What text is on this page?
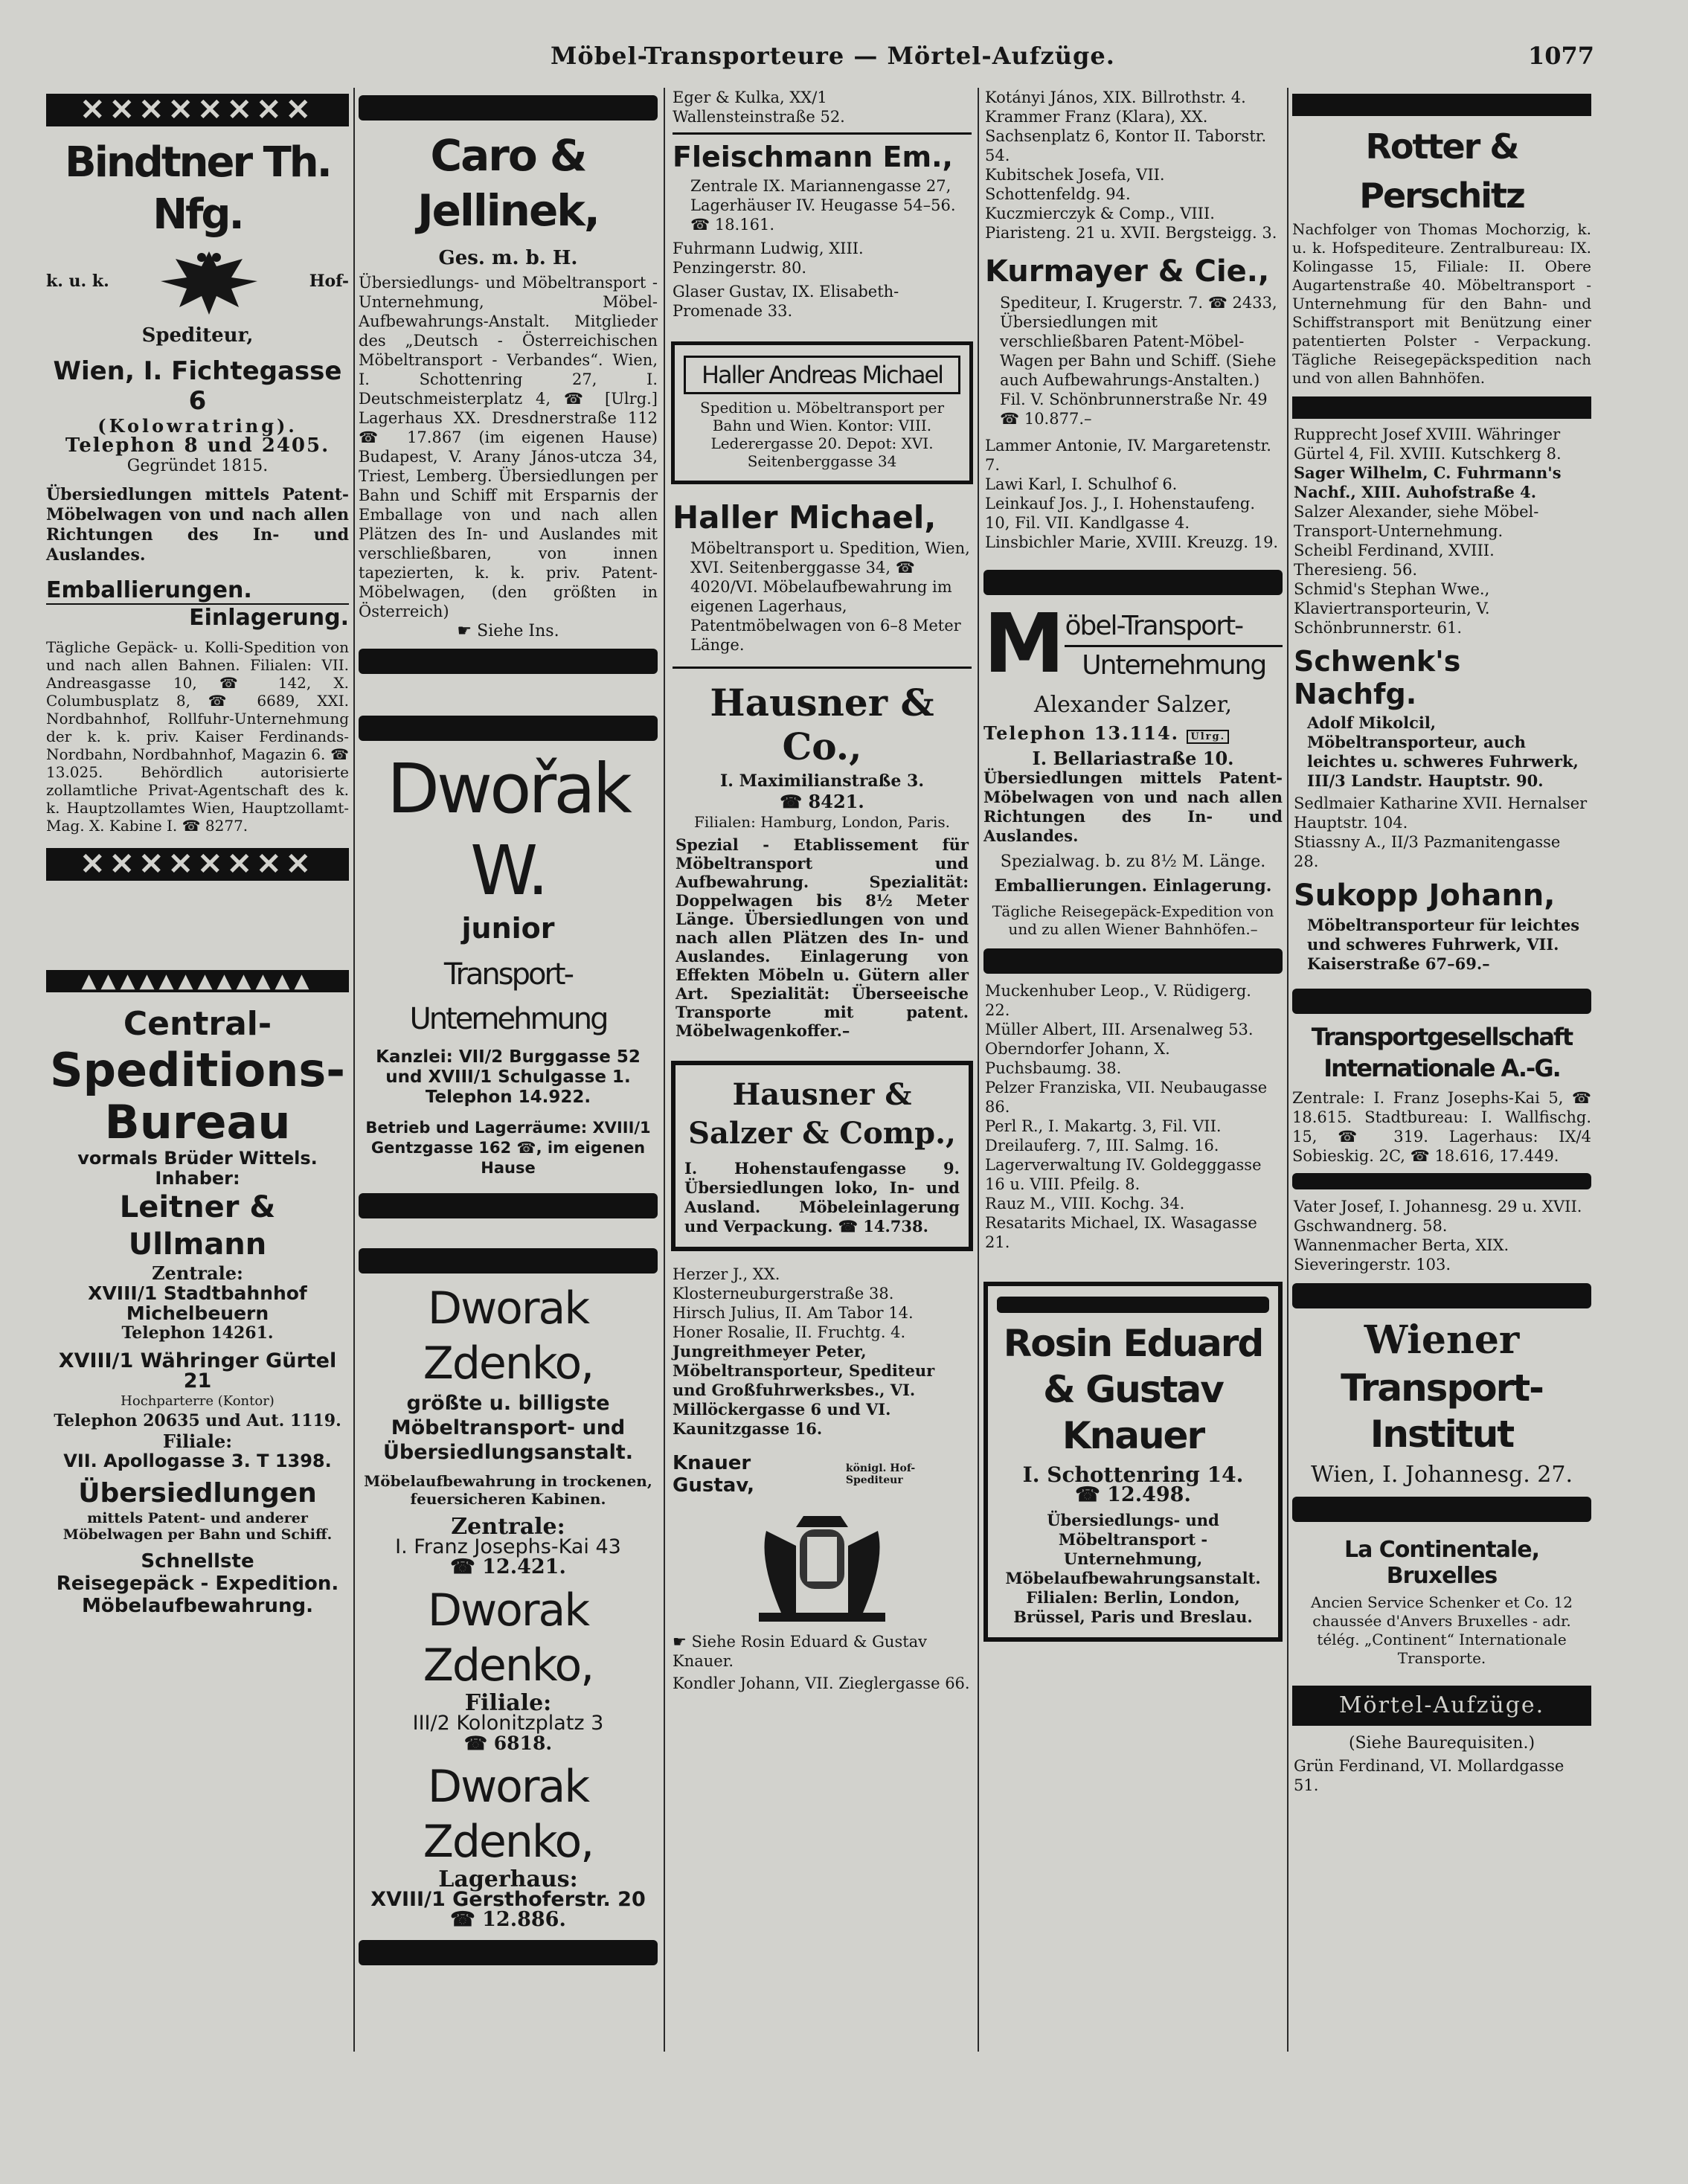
Möbel-Transporteure — Mörtel-Aufzüge.	1077
✕✕✕✕✕✕✕✕
Bindtner Th. Nfg.
k. u. k.	Hof-
Spediteur,
Wien, I. Fichtegasse 6
(Kolowratring).
Telephon 8 und 2405.
Gegründet 1815.
Übersiedlungen mittels Patent-Möbelwagen von und nach allen Richtungen des In- und Auslandes.
Emballierungen.
Einlagerung.
Tägliche Gepäck- u. Kolli-Spedition von und nach allen Bahnen. Filialen: VII. Andreasgasse 10, ☎ 142, X. Columbusplatz 8, ☎ 6689, XXI. Nordbahnhof, Rollfuhr-Unternehmung der k. k. priv. Kaiser Ferdinands-Nordbahn, Nordbahnhof, Magazin 6. ☎ 13.025. Behördlich autorisierte zollamtliche Privat-Agentschaft des k. k. Hauptzollamtes Wien, Hauptzollamt-Mag. X. Kabine I. ☎ 8277.
✕✕✕✕✕✕✕✕
▲▲▲▲▲▲▲▲▲▲▲▲
Central-
Speditions-
Bureau
vormals Brüder Wittels.
Inhaber:
Leitner & Ullmann
Zentrale:
XVIII/1 Stadtbahnhof Michelbeuern
Telephon 14261.
XVIII/1 Währinger Gürtel 21
Hochparterre (Kontor)
Telephon 20635 und Aut. 1119.
Filiale:
VII. Apollogasse 3. T 1398.
Übersiedlungen
mittels Patent- und anderer Möbelwagen per Bahn und Schiff.
Schnellste
Reisegepäck - Expedition.
Möbelaufbewahrung.
Caro & Jellinek,
Ges. m. b. H.
Übersiedlungs- und Möbeltransport - Unternehmung, Möbel-Aufbewahrungs-Anstalt. Mitglieder des „Deutsch - Österreichischen Möbeltransport - Verbandes“. Wien, I. Schottenring 27, I. Deutschmeisterplatz 4, ☎ [Ulrg.] Lagerhaus XX. Dresdnerstraße 112 ☎ 17.867 (im eigenen Hause) Budapest, V. Arany János-utcza 34, Triest, Lemberg. Übersiedlungen per Bahn und Schiff mit Ersparnis der Emballage von und nach allen Plätzen des In- und Auslandes mit verschließbaren, von innen tapezierten, k. k. priv. Patent-Möbelwagen, (den größten in Österreich)
☛ Siehe Ins.
Dwořak W.
junior
Transport-Unternehmung
Kanzlei: VII/2 Burggasse 52 und XVIII/1 Schulgasse 1. Telephon 14.922.
Betrieb und Lagerräume: XVIII/1 Gentzgasse 162 ☎, im eigenen Hause
Dworak Zdenko,
größte u. billigste Möbeltransport- und Übersiedlungsanstalt.
Möbelaufbewahrung in trockenen, feuersicheren Kabinen.
Zentrale:
I. Franz Josephs-Kai 43
☎ 12.421.
Dworak Zdenko,
Filiale:
III/2 Kolonitzplatz 3
☎ 6818.
Dworak Zdenko,
Lagerhaus:
XVIII/1 Gersthoferstr. 20
☎ 12.886.
Eger & Kulka, XX/1 Wallensteinstraße 52.
Fleischmann Em.,
Zentrale IX. Mariannengasse 27, Lagerhäuser IV. Heugasse 54–56. ☎ 18.161.
Fuhrmann Ludwig, XIII. Penzingerstr. 80.
Glaser Gustav, IX. Elisabeth-Promenade 33.
Haller Andreas Michael
Spedition u. Möbeltransport per Bahn und Wien. Kontor: VIII. Lederergasse 20. Depot: XVI. Seitenberggasse 34
Haller Michael,
Möbeltransport u. Spedition, Wien, XVI. Seitenberggasse 34, ☎ 4020/VI. Möbelaufbewahrung im eigenen Lagerhaus, Patentmöbelwagen von 6–8 Meter Länge.
Hausner & Co.,
I. Maximilianstraße 3.
☎ 8421.
Filialen: Hamburg, London, Paris.
Spezial - Etablissement für Möbeltransport und Aufbewahrung. Spezialität: Doppelwagen bis 8½ Meter Länge. Übersiedlungen von und nach allen Plätzen des In- und Auslandes. Einlagerung von Effekten Möbeln u. Gütern aller Art. Spezialität: Überseeische Transporte mit patent. Möbelwagenkoffer.–
Hausner & Salzer & Comp.,
I. Hohenstaufengasse 9. Übersiedlungen loko, In- und Ausland. Möbeleinlagerung und Verpackung. ☎ 14.738.
Herzer J., XX. Klosterneuburgerstraße 38.
Hirsch Julius, II. Am Tabor 14.
Honer Rosalie, II. Fruchtg. 4.
Jungreithmeyer Peter, Möbeltransporteur, Spediteur und Großfuhrwerksbes., VI. Millöckergasse 6 und VI. Kaunitzgasse 16.
Knauer Gustav,
königl. Hof-Spediteur
☛ Siehe Rosin Eduard & Gustav Knauer.
Kondler Johann, VII. Zieglergasse 66.
Kotányi János, XIX. Billrothstr. 4.
Krammer Franz (Klara), XX. Sachsenplatz 6, Kontor II. Taborstr. 54.
Kubitschek Josefa, VII. Schottenfeldg. 94.
Kuczmierczyk & Comp., VIII. Piaristeng. 21 u. XVII. Bergsteigg. 3.
Kurmayer & Cie.,
Spediteur, I. Krugerstr. 7. ☎ 2433, Übersiedlungen mit verschließbaren Patent-Möbel-Wagen per Bahn und Schiff. (Siehe auch Aufbewahrungs-Anstalten.) Fil. V. Schönbrunnerstraße Nr. 49 ☎ 10.877.–
Lammer Antonie, IV. Margaretenstr. 7.
Lawi Karl, I. Schulhof 6.
Leinkauf Jos. J., I. Hohenstaufeng. 10, Fil. VII. Kandlgasse 4.
Linsbichler Marie, XVIII. Kreuzg. 19.
M öbel-Transport-
Unternehmung
Alexander Salzer,
Telephon 13.114. Ulrg.
I. Bellariastraße 10.
Übersiedlungen mittels Patent-Möbelwagen von und nach allen Richtungen des In- und Auslandes.
Spezialwag. b. zu 8½ M. Länge.
Emballierungen. Einlagerung.
Tägliche Reisegepäck-Expedition von und zu allen Wiener Bahnhöfen.–
Muckenhuber Leop., V. Rüdigerg. 22.
Müller Albert, III. Arsenalweg 53.
Oberndorfer Johann, X. Puchsbaumg. 38.
Pelzer Franziska, VII. Neubaugasse 86.
Perl R., I. Makartg. 3, Fil. VII. Dreilauferg. 7, III. Salmg. 16. Lagerverwaltung IV. Goldegggasse 16 u. VIII. Pfeilg. 8.
Rauz M., VIII. Kochg. 34.
Resatarits Michael, IX. Wasagasse 21.
Rosin Eduard & Gustav Knauer
I. Schottenring 14.
☎ 12.498.
Übersiedlungs- und Möbeltransport - Unternehmung, Möbelaufbewahrungsanstalt. Filialen: Berlin, London, Brüssel, Paris und Breslau.
Rotter & Perschitz
Nachfolger von Thomas Mochorzig, k. u. k. Hofspediteure. Zentralbureau: IX. Kolingasse 15, Filiale: II. Obere Augartenstraße 40. Möbeltransport - Unternehmung für den Bahn- und Schiffstransport mit Benützung einer patentierten Polster - Verpackung. Tägliche Reisegepäckspedition nach und von allen Bahnhöfen.
Rupprecht Josef XVIII. Währinger Gürtel 4, Fil. XVIII. Kutschkerg 8.
Sager Wilhelm, C. Fuhrmann's Nachf., XIII. Auhofstraße 4.
Salzer Alexander, siehe Möbel-Transport-Unternehmung.
Scheibl Ferdinand, XVIII. Theresieng. 56.
Schmid's Stephan Wwe., Klaviertransporteurin, V. Schönbrunnerstr. 61.
Schwenk's Nachfg.
Adolf Mikolcil, Möbeltransporteur, auch leichtes u. schweres Fuhrwerk, III/3 Landstr. Hauptstr. 90.
Sedlmaier Katharine XVII. Hernalser Hauptstr. 104.
Stiassny A., II/3 Pazmanitengasse 28.
Sukopp Johann,
Möbeltransporteur für leichtes und schweres Fuhrwerk, VII. Kaiserstraße 67–69.–
Transportgesellschaft Internationale A.-G.
Zentrale: I. Franz Josephs-Kai 5, ☎ 18.615. Stadtbureau: I. Wallfischg. 15, ☎ 319. Lagerhaus: IX/4 Sobieskig. 2C, ☎ 18.616, 17.449.
Vater Josef, I. Johannesg. 29 u. XVII. Gschwandnerg. 58.
Wannenmacher Berta, XIX. Sieveringerstr. 103.
Wiener
Transport-Institut
Wien, I. Johannesg. 27.
La Continentale, Bruxelles
Ancien Service Schenker et Co. 12 chaussée d'Anvers Bruxelles - adr. télég. „Continent“ Internationale Transporte.
Mörtel-Aufzüge.
(Siehe Baurequisiten.)
Grün Ferdinand, VI. Mollardgasse 51.
